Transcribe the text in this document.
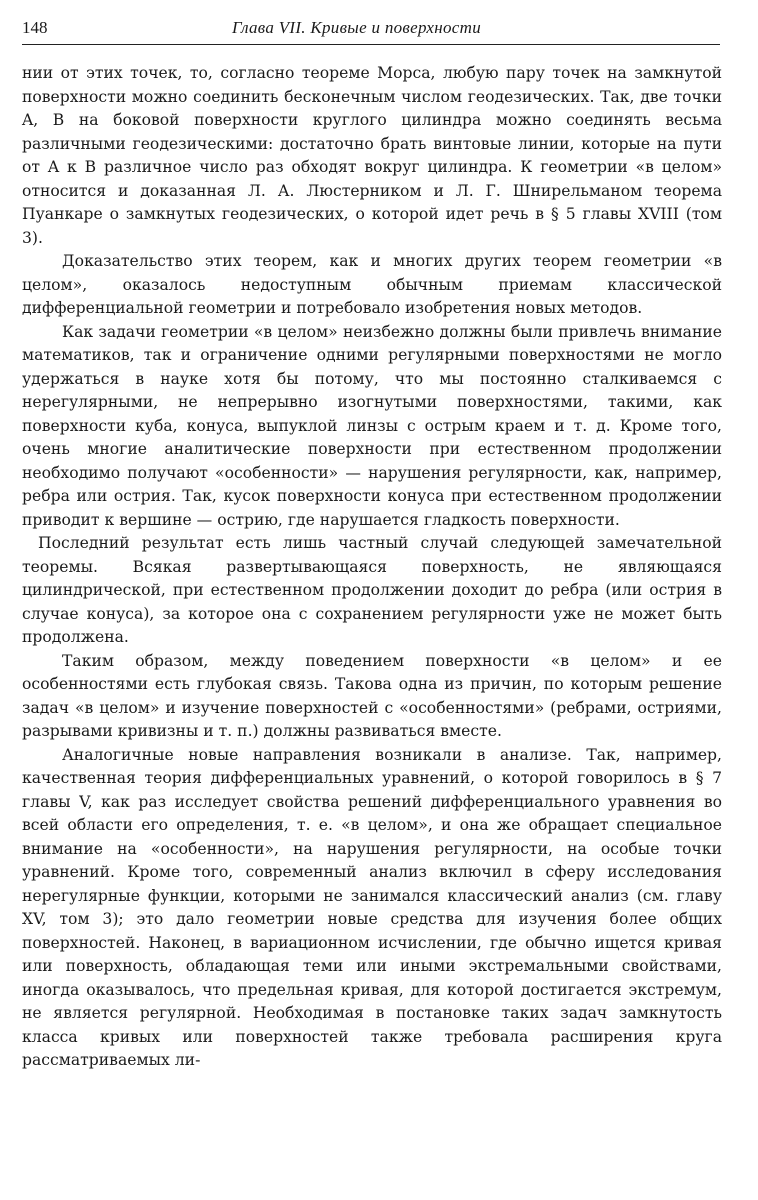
148	Глава VII. Кривые и поверхности

нии от этих точек, то, согласно теореме Морса, любую пару точек на замкнутой поверхности можно соединить бесконечным числом геодезических. Так, две точки A, B на боковой поверхности круглого цилиндра можно соединять весьма различными геодезическими: достаточно брать винтовые линии, которые на пути от A к B различное число раз обходят вокруг цилиндра. К геометрии «в целом» относится и доказанная Л. А. Люстерником и Л. Г. Шнирельманом теорема Пуанкаре о замкнутых геодезических, о которой идет речь в § 5 главы XVIII (том 3).

Доказательство этих теорем, как и многих других теорем геометрии «в целом», оказалось недоступным обычным приемам классической дифференциальной геометрии и потребовало изобретения новых методов.

Как задачи геометрии «в целом» неизбежно должны были привлечь внимание математиков, так и ограничение одними регулярными поверхностями не могло удержаться в науке хотя бы потому, что мы постоянно сталкиваемся с нерегулярными, не непрерывно изогнутыми поверхностями, такими, как поверхности куба, конуса, выпуклой линзы с острым краем и т. д. Кроме того, очень многие аналитические поверхности при естественном продолжении необходимо получают «особенности» — нарушения регулярности, как, например, ребра или острия. Так, кусок поверхности конуса при естественном продолжении приводит к вершине — острию, где нарушается гладкость поверхности.

Последний результат есть лишь частный случай следующей замечательной теоремы. Всякая развертывающаяся поверхность, не являющаяся цилиндрической, при естественном продолжении доходит до ребра (или острия в случае конуса), за которое она с сохранением регулярности уже не может быть продолжена.

Таким образом, между поведением поверхности «в целом» и ее особенностями есть глубокая связь. Такова одна из причин, по которым решение задач «в целом» и изучение поверхностей с «особенностями» (ребрами, остриями, разрывами кривизны и т. п.) должны развиваться вместе.

Аналогичные новые направления возникали в анализе. Так, например, качественная теория дифференциальных уравнений, о которой говорилось в § 7 главы V, как раз исследует свойства решений дифференциального уравнения во всей области его определения, т. е. «в целом», и она же обращает специальное внимание на «особенности», на нарушения регулярности, на особые точки уравнений. Кроме того, современный анализ включил в сферу исследования нерегулярные функции, которыми не занимался классический анализ (см. главу XV, том 3); это дало геометрии новые средства для изучения более общих поверхностей. Наконец, в вариационном исчислении, где обычно ищется кривая или поверхность, обладающая теми или иными экстремальными свойствами, иногда оказывалось, что предельная кривая, для которой достигается экстремум, не является регулярной. Необходимая в постановке таких задач замкнутость класса кривых или поверхностей также требовала расширения круга рассматриваемых ли-
